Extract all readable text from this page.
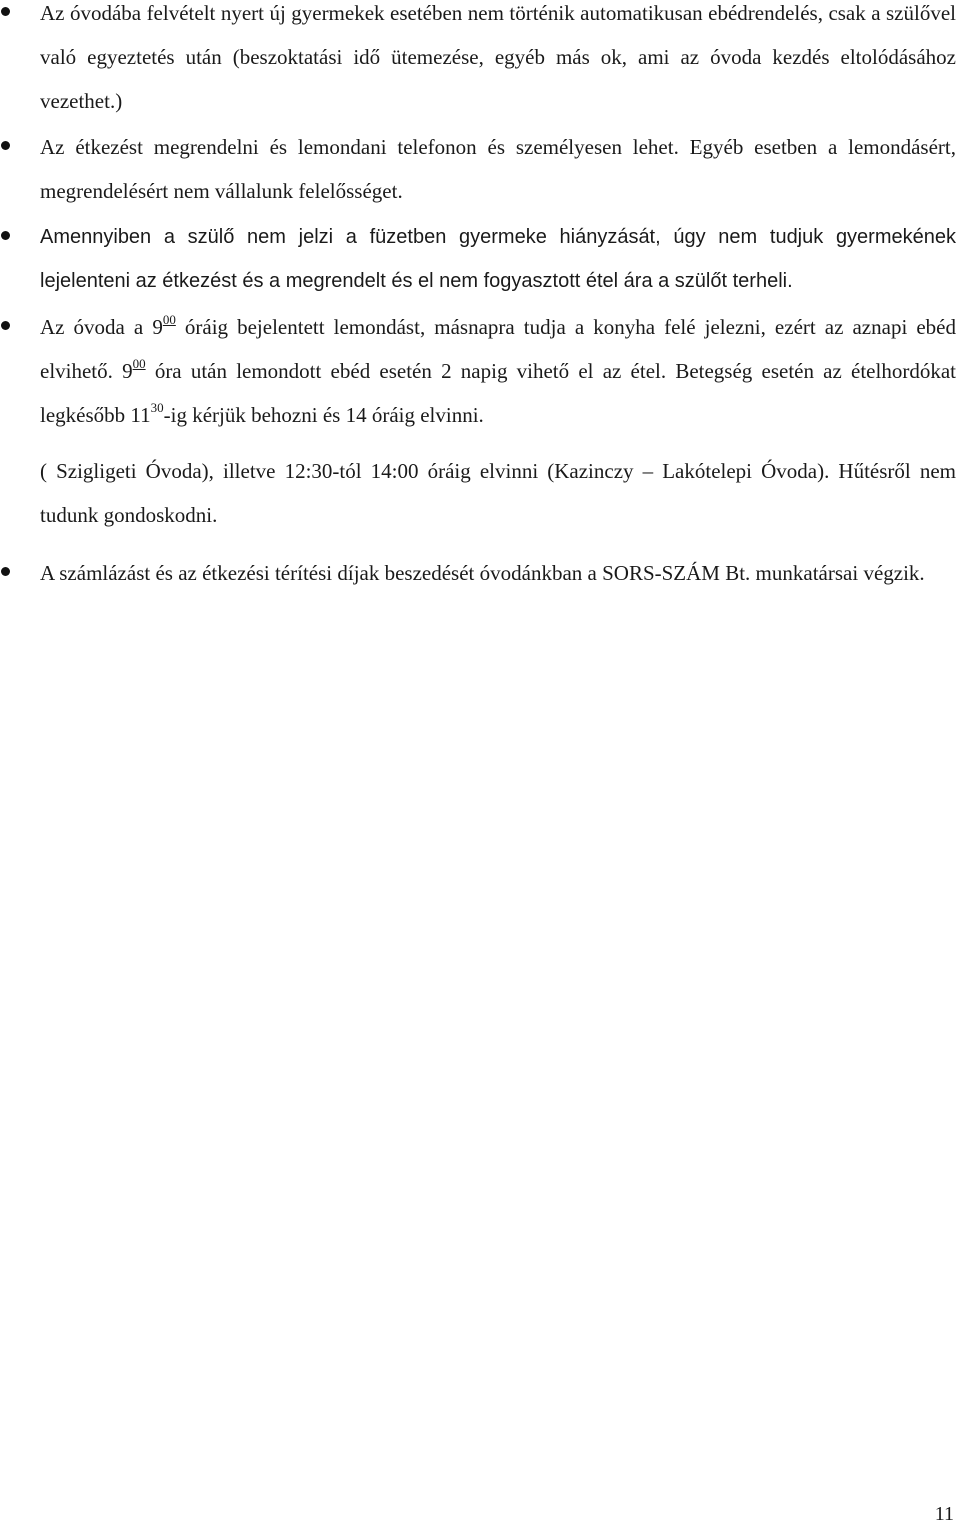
Az óvodába felvételt nyert új gyermekek esetében nem történik automatikusan ebédrendelés, csak a szülővel való egyeztetés után (beszoktatási idő ütemezése, egyéb más ok, ami az óvoda kezdés eltolódásához vezethet.)
Az étkezést megrendelni és lemondani telefonon és személyesen lehet. Egyéb esetben a lemondásért, megrendelésért nem vállalunk felelősséget.
Amennyiben a szülő nem jelzi a füzetben gyermeke hiányzását, úgy nem tudjuk gyermekének lejelenteni az étkezést és a megrendelt és el nem fogyasztott étel ára a szülőt terheli.
Az óvoda a $9^{00}$ óráig bejelentett lemondást, másnapra tudja a konyha felé jelezni, ezért az aznapi ebéd elvihető. $9^{00}$ óra után lemondott ebéd esetén 2 napig vihető el az étel. Betegség esetén az ételhordókat legkésőbb $11^{30}-ig$ kérjük behozni és 14 óráig elvinni.
( Szigligeti Óvoda), illetve 12:30-tól 14:00 óráig elvinni (Kazinczy – Lakótelepi Óvoda). Hűtésről nem tudunk gondoskodni.
A számlázást és az étkezési térítési díjak beszedését óvodánkban a SORS-SZÁM Bt. munkatársai végzik.
11
